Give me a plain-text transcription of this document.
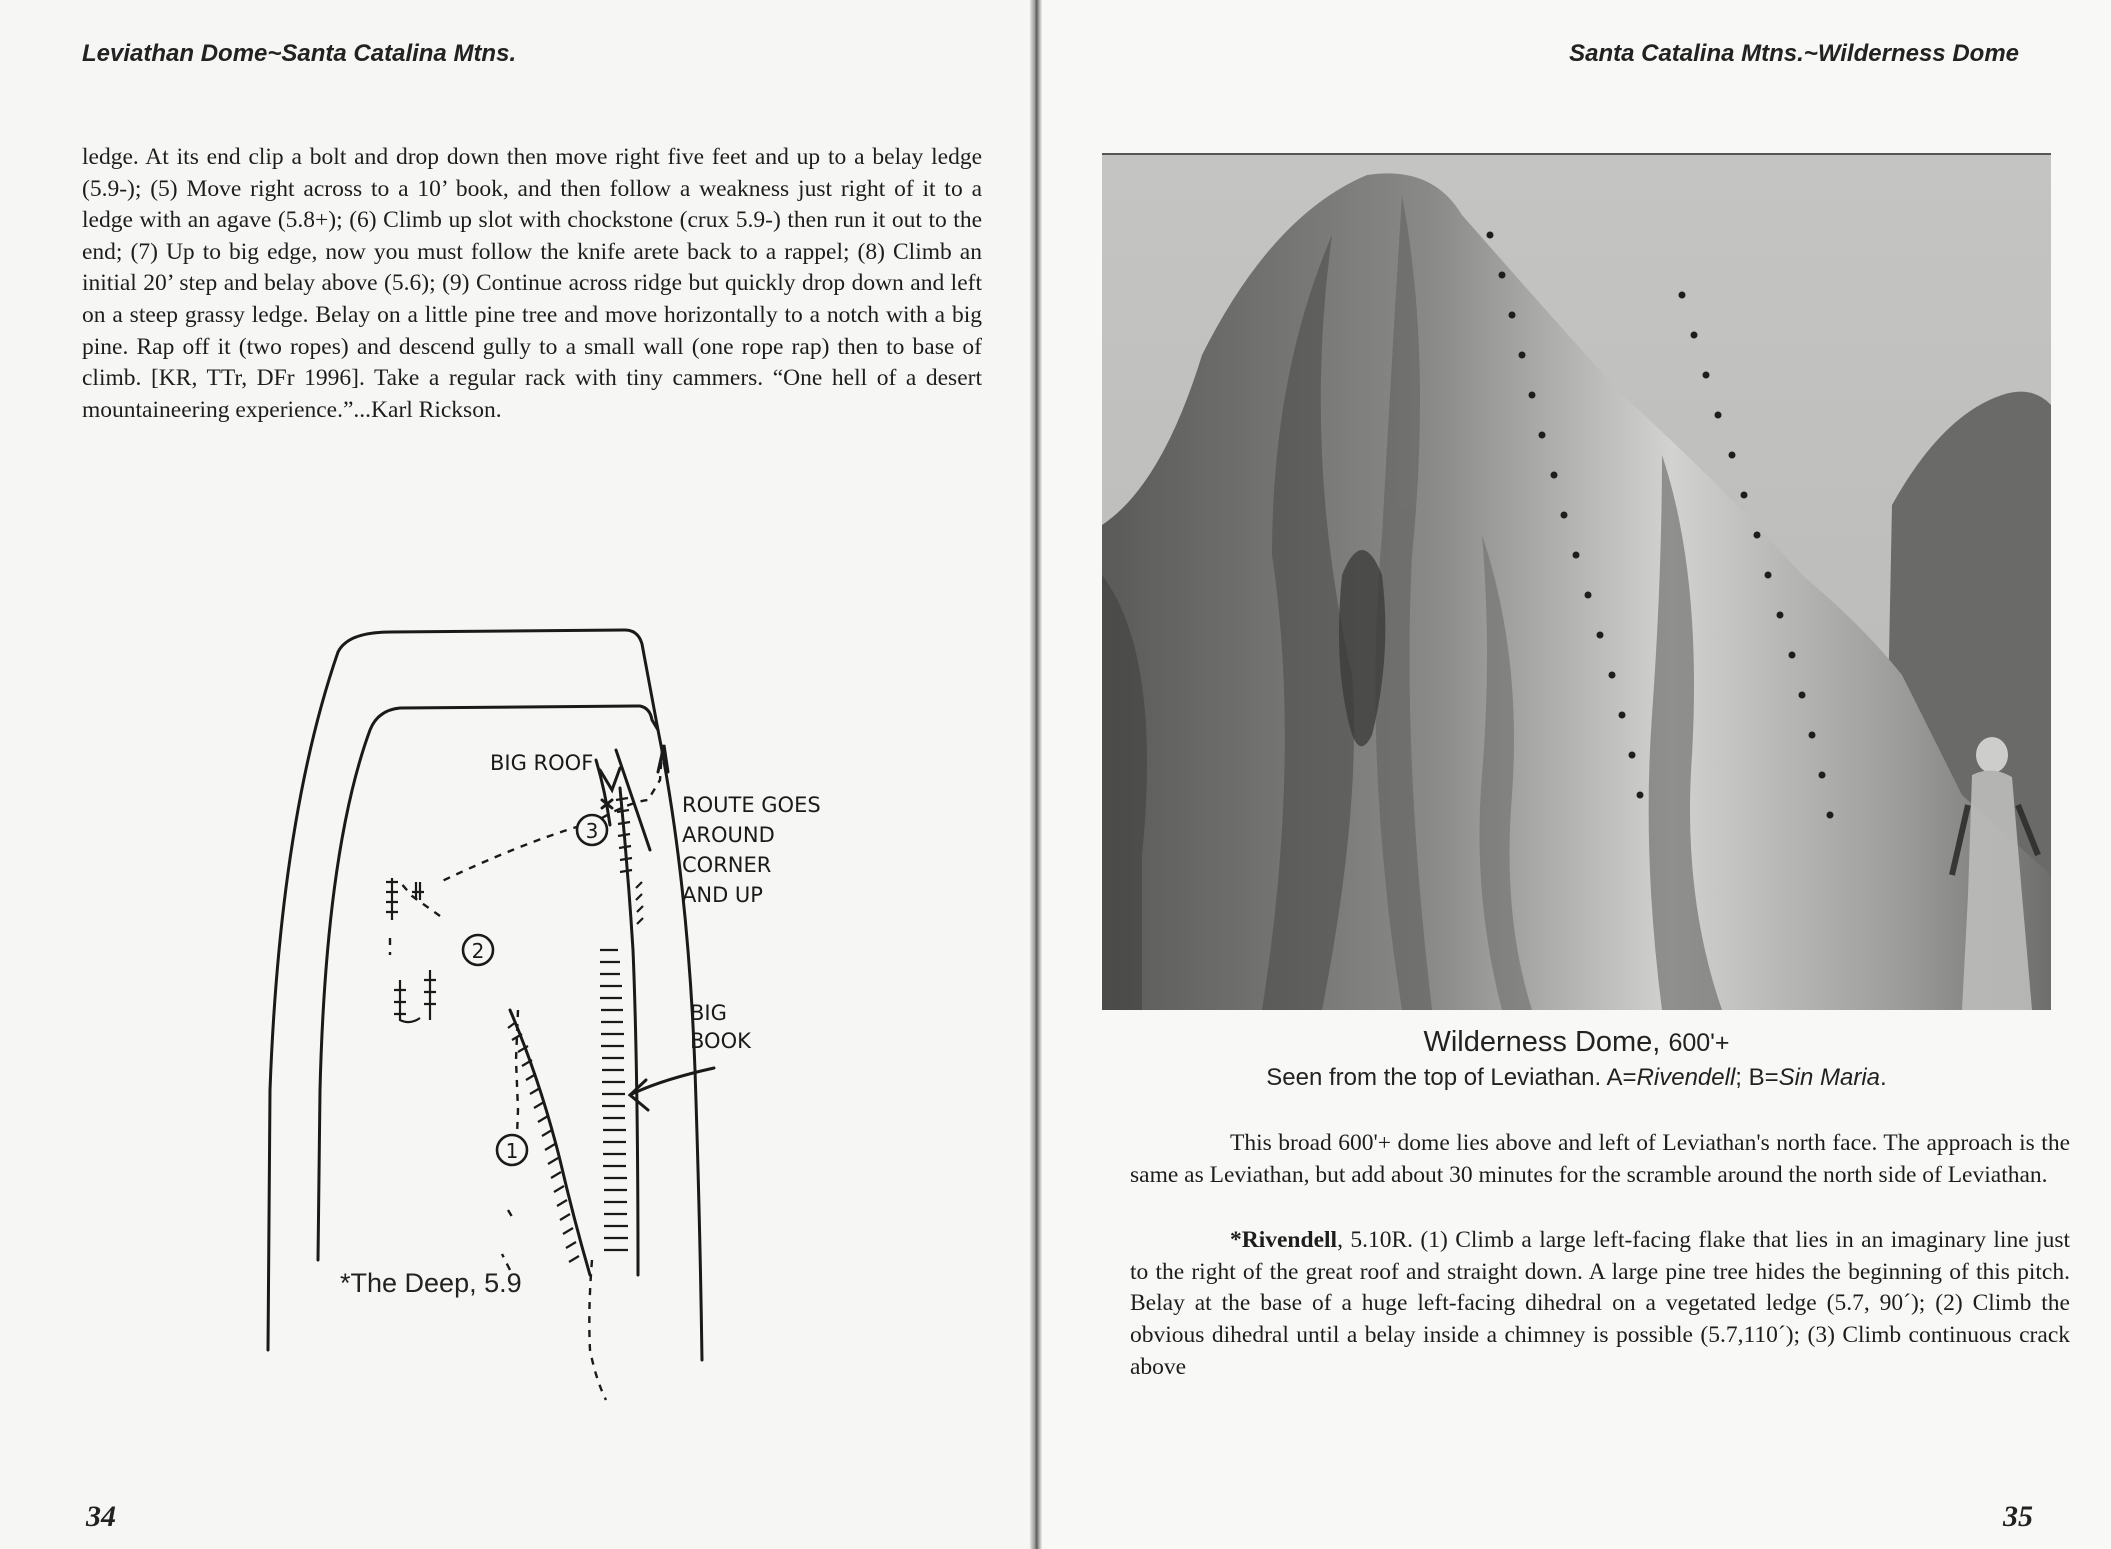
Leviathan Dome~Santa Catalina Mtns.

ledge. At its end clip a bolt and drop down then move right five feet and up to a belay ledge (5.9-); (5) Move right across to a 10’ book, and then follow a weakness just right of it to a ledge with an agave (5.8+); (6) Climb up slot with chockstone (crux 5.9-) then run it out to the end; (7) Up to big edge, now you must follow the knife arete back to a rappel; (8) Climb an initial 20’ step and belay above (5.6); (9) Continue across ridge but quickly drop down and left on a steep grassy ledge. Belay on a little pine tree and move horizontally to a notch with a big pine. Rap off it (two ropes) and descend gully to a small wall (one rope rap) then to base of climb. [KR, TTr, DFr 1996]. Take a regular rack with tiny cammers. “One hell of a desert mountaineering experience.”...Karl Rickson.

3
2
1
BIG ROOF
ROUTE GOES
AROUND
CORNER
AND UP
BIG
BOOK
*The Deep, 5.9
34
Santa Catalina Mtns.~Wilderness Dome
Wilderness Dome, 600'+
Seen from the top of Leviathan. A=Rivendell; B=Sin Maria.

This broad 600'+ dome lies above and left of Leviathan's north face. The approach is the same as Leviathan, but add about 30 minutes for the scramble around the north side of Leviathan.

*Rivendell, 5.10R. (1) Climb a large left-facing flake that lies in an imaginary line just to the right of the great roof and straight down. A large pine tree hides the beginning of this pitch. Belay at the base of a huge left-facing dihedral on a vegetated ledge (5.7, 90´); (2) Climb the obvious dihedral until a belay inside a chimney is possible (5.7,110´); (3) Climb continuous crack above

35
